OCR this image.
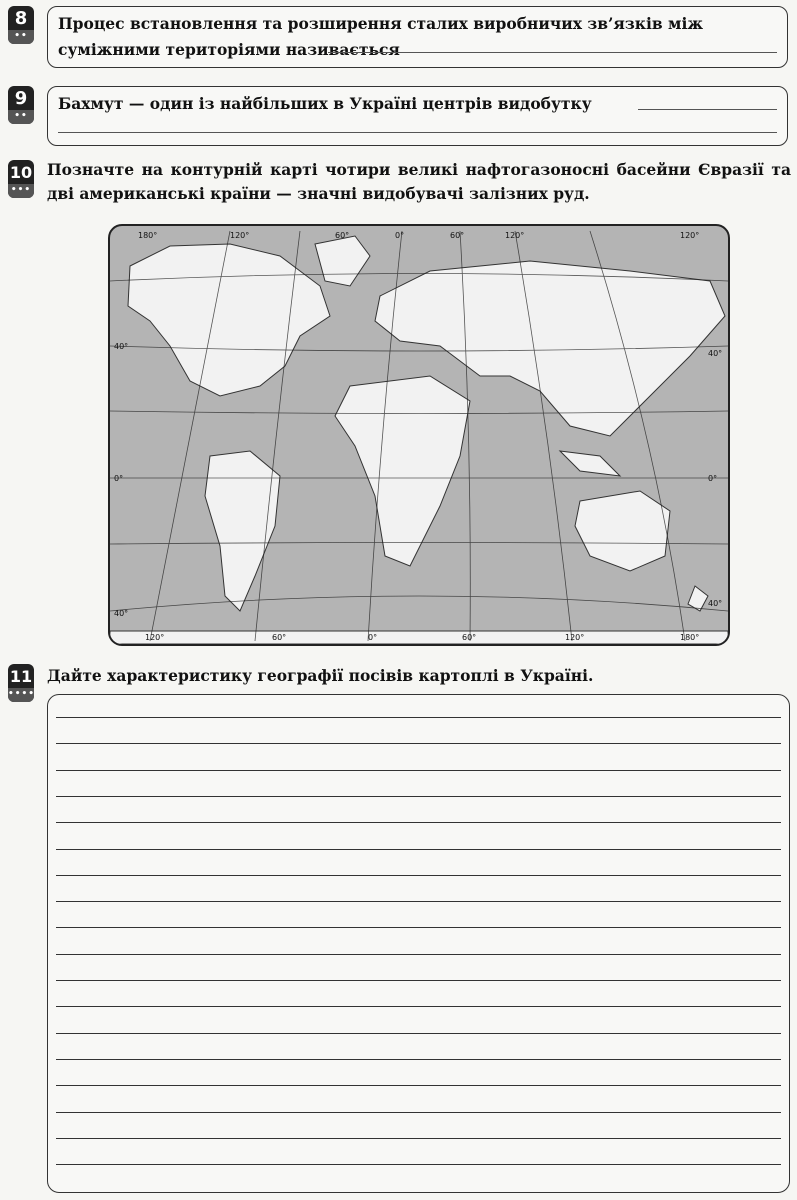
8
••
Процес встановлення та розширення сталих виробничих зв’язків між суміжними територіями називається
9
••
Бахмут — один із найбільших в Україні центрів видобутку
10
•••
Позначте на контурній карті чотири великі нафтогазоносні басейни Євразії та дві американські країни — значні видобувачі залізних руд.
180°	120°	60°	0°	60°	120°	120°
120°	60°	0°	60°	120°	180°
40°
0°
40°
40°
0°
40°
11
••••
Дайте характеристику географії посівів картоплі в Україні.
